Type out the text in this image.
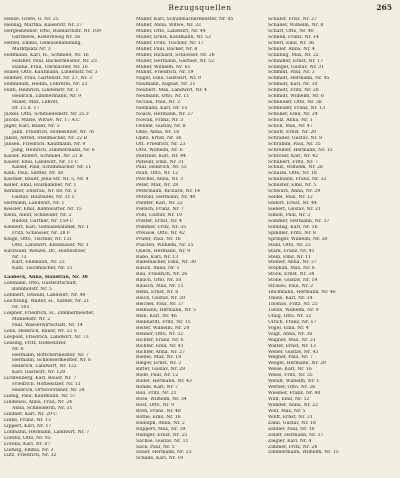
Bezugsquellen	265
Hense, Grete, G. Nr. 25
Hennig, Martha, Kaiserstr. Nr. 27
Hergesheimer, Otto, Bismarckstr. Nr. 109
Gärtnerei, Kiefernweg Nr. 56
Hetzel, Emma, Gemüsehandlung,
Marktplatz Nr. 3
Hoffmann, Karl, H., Schmied, Nr. 16
Holzner, Paul, Bäckermeister, Nr. 23
Hanna, Frau, Uhrmacher, Nr. 16
Huber, Otto, Kaufmann, Lindenstr. Nr. 3
Hübner, Frau, Gartenstr. Nr. 27, Nr. 3
Huhnblum, Hedda, Lehrerin, Nr. 23
Huth, Heinrich, Lindenstr. Nr. 1
Heinrich, Zimmermann, Nr. 9
Stiller, Max, Lehrer,
Dr. 15 d. 17
Jäckel, Otto, Schmiedemstr. Nr. 25 F
Jacobi, Marie, Witwe, Nr. 17 A.C
Jäger, Karl, Bauer, Nr. 5
Jahn, Friedrich, Hofbesitzer, Nr. 76
Jakob, Alfred, Stellmacher, Nr. 22 B
Jansen, Friedrich, Kaufmann, Nr. 9
Jung, Heinrich, Zimmermann, Nr. 6
Kaiser, Robert, Schmied, Nr. 21 B
Kaiser, Emil, Landwirt, Nr. 11 C
Kaiser, Paul, Schuhmacher, Nr. 11
Kalb, Paul, Sattler, Nr. 56
Kästner, Bauer, Jena-Str. Nr. 5, Nr. 4
Keller, Emil, Holzhändler, Nr. 1
Kemmer, Ehefrau, Nr. 68, Nr. 5
Gustav, Holzfäller, Nr. 31 C
Hermann, Landwirt, Nr. 1
Kessler, Emil, Bahnwärter, Nr. 15
Klein, Adolf, Schneider, Nr. 2
Rudolf, Gärtner, Nr. 159 C
Kleinert, Karl, Gemüsehändler, Nr. 1
Fritz, Schlosser, Nr. 28 F
Kluge, Otto, Tischler, Nr. 151
Otto, Landwirt, Kleinbauer, Nr. 1
Kurzwald, Wenzel, Dr., Hofbesitzer,
Nr. 73
Kurt, Ehemann, Nr. 23
Kuhl, Tischmacher, Nr. 11
Laabeck, Anna, Hausfrau, Nr. 38
Lehmann, Otto, Gastwirtschaft,
Bahnhofstr. Nr. 5
Lehmert, Oswald, Landwirt, Nr. 49
Leichtling, Walter, H., Sattler, Nr. 21
Nr. 105
Leipner, Friedrich, H., Zimmermeister,
Mühlenstr. Nr. 2
Paul, Wasserwirtschaft, Nr. 14
Lenz, Heinrich, Bauer, Nr. 22 S
Leopold, Friedrich, Landwirt, Nr. 73
Lessing, Fritz, Hofbesitzer,
Nr. 6
Hermann, Böttchermeister, Nr. 7
Hermann, Schlossermeister, Nr. 6
Heinrich, Landwirt, Nr. 122
Karl, Gastwirt, Nr. 128
Lichtenberg, Karl, Bauer, Nr. 7
Friedrich, Hofbesitzer, Nr. 11
Heinrich, Ortsvorsteher, Nr. 28
Liebig, Paul, Kaufmann, Nr. 57
Lindenau, Anna, Frau, Nr. 24
Anna, Schneiderin, Nr. 31
Lindner, Karl, Nr. 29 C
Linke, Franz, Nr. 13
Lippert, Karl, Nr. 17
Lohmann, Hermann, Landwirt, Nr. 7
Lorenz, Otto, Nr. 95
Lorenz, Karl, Nr. 87
Ludwig, Emma, Nr. 3
Lutz, Friedrich, Nr. 32
Müller, Karl, Schuhmachermeister, Nr. 45
Müller, Anna, Witwe, Nr. 33
Müller, Otto, Landwirt, Nr. 44
Müller, Ernst, Kaufmann, Nr. 53
Müller, Fritz, Tischler, Nr. 17
Müller, Paul, Bäcker, Nr. 8
Müller, Richard, Schlosser, Nr. 26
Müller, Hermann, Gärtner, Nr. 52
Müller, Wilhelm, Nr. 61
Mundt, Friedrich, Nr. 19
Nagel, Emil, Gastwirt, Nr. 9
Naumann, August, Nr. 21
Neubert, Max, Landwirt, Nr. 4
Neumann, Otto, Nr. 11
Nicolai, Paul, Nr. 2
Niemann, Karl, Nr. 15
Noack, Hermann, Nr. 27
Nowak, Franz, Nr. 3
Oehme, Gustav, Nr. 8
Ohle, Anna, Nr. 18
Opitz, Ernst, Nr. 36
Ott, Friedrich, Nr. 23
Otto, Wilhelm, Nr. 6
Paetzold, Karl, Nr. 44
Pätzold, Emil, Nr. 31
Paul, Heinrich, Nr. 55
Pauli, Otto, Nr. 12
Peschel, Anna, Nr. 3
Peter, Max, Nr. 28
Petermann, Richard, Nr. 14
Petzold, Hermann, Nr. 40
Pfeiffer, Karl, Nr. 22
Pietsch, Franz, Nr. 7
Pohl, Gustav, Nr. 19
Polster, Ernst, Nr. 4
Pommer, Fritz, Nr. 35
Preusse, Otto, Nr. 42
Prüfer, Paul, Nr. 16
Püschel, Wilhelm, Nr. 25
Queck, Hermann, Nr. 9
Rabe, Karl, Nr. 13
Rademacher, Emil, Nr. 30
Rasch, Anna, Nr. 1
Rau, Friedrich, Nr. 26
Rauch, Otto, Nr. 50
Rausch, Max, Nr. 11
Rehn, Ernst, Nr. 8
Reich, Gustav, Nr. 20
Reichel, Paul, Nr. 37
Reimann, Hermann, Nr. 5
Rein, Karl, Nr. 46
Reinhardt, Fritz, Nr. 15
Reiter, Wilhelm, Nr. 24
Renner, Otto, Nr. 32
Richter, Franz, Nr. 6
Richter, Emil, Nr. 41
Richter, Anna, Nr. 27
Riedel, Max, Nr. 18
Rieger, Ernst, Nr. 3
Ritter, Gustav, Nr. 29
Rode, Paul, Nr. 12
Röder, Hermann, Nr. 43
Rohde, Karl, Nr. 7
Roll, Fritz, Nr. 21
Rose, Wilhelm, Nr. 34
Rost, Otto, Nr. 9
Roth, Franz, Nr. 48
Rothe, Emil, Nr. 16
Rudolph, Anna, Nr. 2
Ruppert, Max, Nr. 39
Rüdiger, Ernst, Nr. 25
Sachse, Gustav, Nr. 11
Sack, Paul, Nr. 5
Sauer, Hermann, Nr. 33
Schade, Karl, Nr. 19
Schäfer, Fritz, Nr. 27
Schaller, Wilhelm, Nr. 8
Scharf, Otto, Nr. 40
Schenk, Franz, Nr. 14
Scherf, Emil, Nr. 36
Schiller, Anna, Nr. 4
Schilling, Max, Nr. 22
Schindler, Ernst, Nr. 17
Schlegel, Gustav, Nr. 31
Schmidt, Paul, Nr. 3
Schmidt, Hermann, Nr. 45
Schmidt, Karl, Nr. 10
Schmidt, Fritz, Nr. 28
Schmidt, Wilhelm, Nr. 6
Schneider, Otto, Nr. 38
Schneider, Franz, Nr. 13
Schober, Emil, Nr. 24
Scholz, Anna, Nr. 1
Schön, Max, Nr. 47
Schott, Ernst, Nr. 20
Schrader, Gustav, Nr. 9
Schramm, Paul, Nr. 35
Schreiber, Hermann, Nr. 15
Schröter, Karl, Nr. 42
Schubert, Fritz, Nr. 7
Schulz, Wilhelm, Nr. 26
Schulze, Otto, Nr. 18
Schumann, Franz, Nr. 33
Schuster, Emil, Nr. 5
Schwarz, Anna, Nr. 29
Seidel, Max, Nr. 12
Seifert, Ernst, Nr. 44
Siebert, Gustav, Nr. 21
Simon, Paul, Nr. 3
Sommer, Hermann, Nr. 37
Sonntag, Karl, Nr. 16
Spindler, Fritz, Nr. 8
Springer, Wilhelm, Nr. 30
Stahl, Otto, Nr. 23
Stark, Franz, Nr. 41
Stein, Emil, Nr. 11
Steiner, Anna, Nr. 27
Stephan, Max, Nr. 6
Stock, Ernst, Nr. 34
Stolle, Gustav, Nr. 19
Strauss, Paul, Nr. 2
Teichmann, Hermann, Nr. 46
Thiele, Karl, Nr. 14
Thomas, Fritz, Nr. 25
Tietze, Wilhelm, Nr. 9
Uhlig, Otto, Nr. 32
Ulrich, Franz, Nr. 17
Vogel, Emil, Nr. 4
Voigt, Anna, Nr. 38
Wagner, Max, Nr. 21
Walter, Ernst, Nr. 13
Weber, Gustav, Nr. 43
Wegner, Paul, Nr. 7
Weigel, Hermann, Nr. 29
Weise, Karl, Nr. 16
Weiss, Fritz, Nr. 35
Wendt, Wilhelm, Nr. 1
Werner, Otto, Nr. 26
Wiesner, Franz, Nr. 40
Wild, Emil, Nr. 12
Winkler, Anna, Nr. 22
Wolf, Max, Nr. 5
Wolff, Ernst, Nr. 31
Zahn, Gustav, Nr. 18
Zeidler, Paul, Nr. 10
Zeller, Hermann, Nr. 37
Ziegler, Karl, Nr. 4
Zimmer, Fritz, Nr. 24
Zimmermann, Wilhelm, Nr. 15
